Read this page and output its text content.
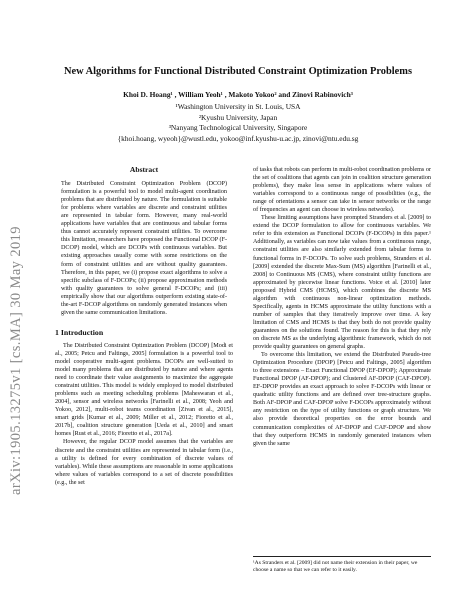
arXiv:1905.13275v1 [cs.MA] 30 May 2019
New Algorithms for Functional Distributed Constraint Optimization Problems
Khoi D. Hoang¹ , William Yeoh¹ , Makoto Yokoo² and Zinovi Rabinovich³
¹Washington University in St. Louis, USA
²Kyushu University, Japan
³Nanyang Technological University, Singapore
{khoi.hoang, wyeoh}@wustl.edu, yokoo@inf.kyushu-u.ac.jp, zinovi@ntu.edu.sg
Abstract

The Distributed Constraint Optimization Problem (DCOP) formulation is a powerful tool to model multi-agent coordination problems that are distributed by nature. The formulation is suitable for problems where variables are discrete and constraint utilities are represented in tabular form. However, many real-world applications have variables that are continuous and tabular forms thus cannot accurately represent constraint utilities. To overcome this limitation, researchers have proposed the Functional DCOP (F-DCOP) model, which are DCOPs with continuous variables. But existing approaches usually come with some restrictions on the form of constraint utilities and are without quality guarantees. Therefore, in this paper, we (i) propose exact algorithms to solve a specific subclass of F-DCOPs; (ii) propose approximation methods with quality guarantees to solve general F-DCOPs; and (iii) empirically show that our algorithms outperform existing state-of-the-art F-DCOP algorithms on randomly generated instances when given the same communication limitations.

1 Introduction

The Distributed Constraint Optimization Problem (DCOP) [Modi et al., 2005; Petcu and Faltings, 2005] formulation is a powerful tool to model cooperative multi-agent problems. DCOPs are well-suited to model many problems that are distributed by nature and where agents need to coordinate their value assignments to maximize the aggregate constraint utilities. This model is widely employed to model distributed problems such as meeting scheduling problems [Maheswaran et al., 2004], sensor and wireless networks [Farinelli et al., 2008; Yeoh and Yokoo, 2012], multi-robot teams coordination [Zivan et al., 2015], smart grids [Kumar et al., 2009; Miller et al., 2012; Fioretto et al., 2017b], coalition structure generation [Ueda et al., 2010] and smart homes [Rust et al., 2016; Fioretto et al., 2017a].

However, the regular DCOP model assumes that the variables are discrete and the constraint utilities are represented in tabular form (i.e., a utility is defined for every combination of discrete values of variables). While these assumptions are reasonable in some applications where values of variables correspond to a set of discrete possibilities (e.g., the set

of tasks that robots can perform in multi-robot coordination problems or the set of coalitions that agents can join in coalition structure generation problems), they make less sense in applications where values of variables correspond to a continuous range of possibilities (e.g., the range of orientations a sensor can take in sensor networks or the range of frequencies an agent can choose in wireless networks).

These limiting assumptions have prompted Stranders et al. [2009] to extend the DCOP formulation to allow for continuous variables. We refer to this extension as Functional DCOPs (F-DCOPs) in this paper.¹ Additionally, as variables can now take values from a continuous range, constraint utilities are also similarly extended from tabular forms to functional forms in F-DCOPs. To solve such problems, Stranders et al. [2009] extended the discrete Max-Sum (MS) algorithm [Farinelli et al., 2008] to Continuous MS (CMS), where constraint utility functions are approximated by piecewise linear functions. Voice et al. [2010] later proposed Hybrid CMS (HCMS), which combines the discrete MS algorithm with continuous non-linear optimization methods. Specifically, agents in HCMS approximate the utility functions with a number of samples that they iteratively improve over time. A key limitation of CMS and HCMS is that they both do not provide quality guarantees on the solutions found. The reason for this is that they rely on discrete MS as the underlying algorithmic framework, which do not provide quality guarantees on general graphs.

To overcome this limitation, we extend the Distributed Pseudo-tree Optimization Procedure (DPOP) [Petcu and Faltings, 2005] algorithm to three extensions – Exact Functional DPOP (EF-DPOP); Approximate Functional DPOP (AF-DPOP); and Clustered AF-DPOP (CAF-DPOP). EF-DPOP provides an exact approach to solve F-DCOPs with linear or quadratic utility functions and are defined over tree-structure graphs. Both AF-DPOP and CAF-DPOP solve F-DCOPs approximately without any restriction on the type of utility functions or graph structure. We also provide theoretical properties on the error bounds and communication complexities of AF-DPOP and CAF-DPOP and show that they outperform HCMS in randomly generated instances when given the same

¹As Stranders et al. [2009] did not name their extension in their paper, we choose a name so that we can refer to it easily.
